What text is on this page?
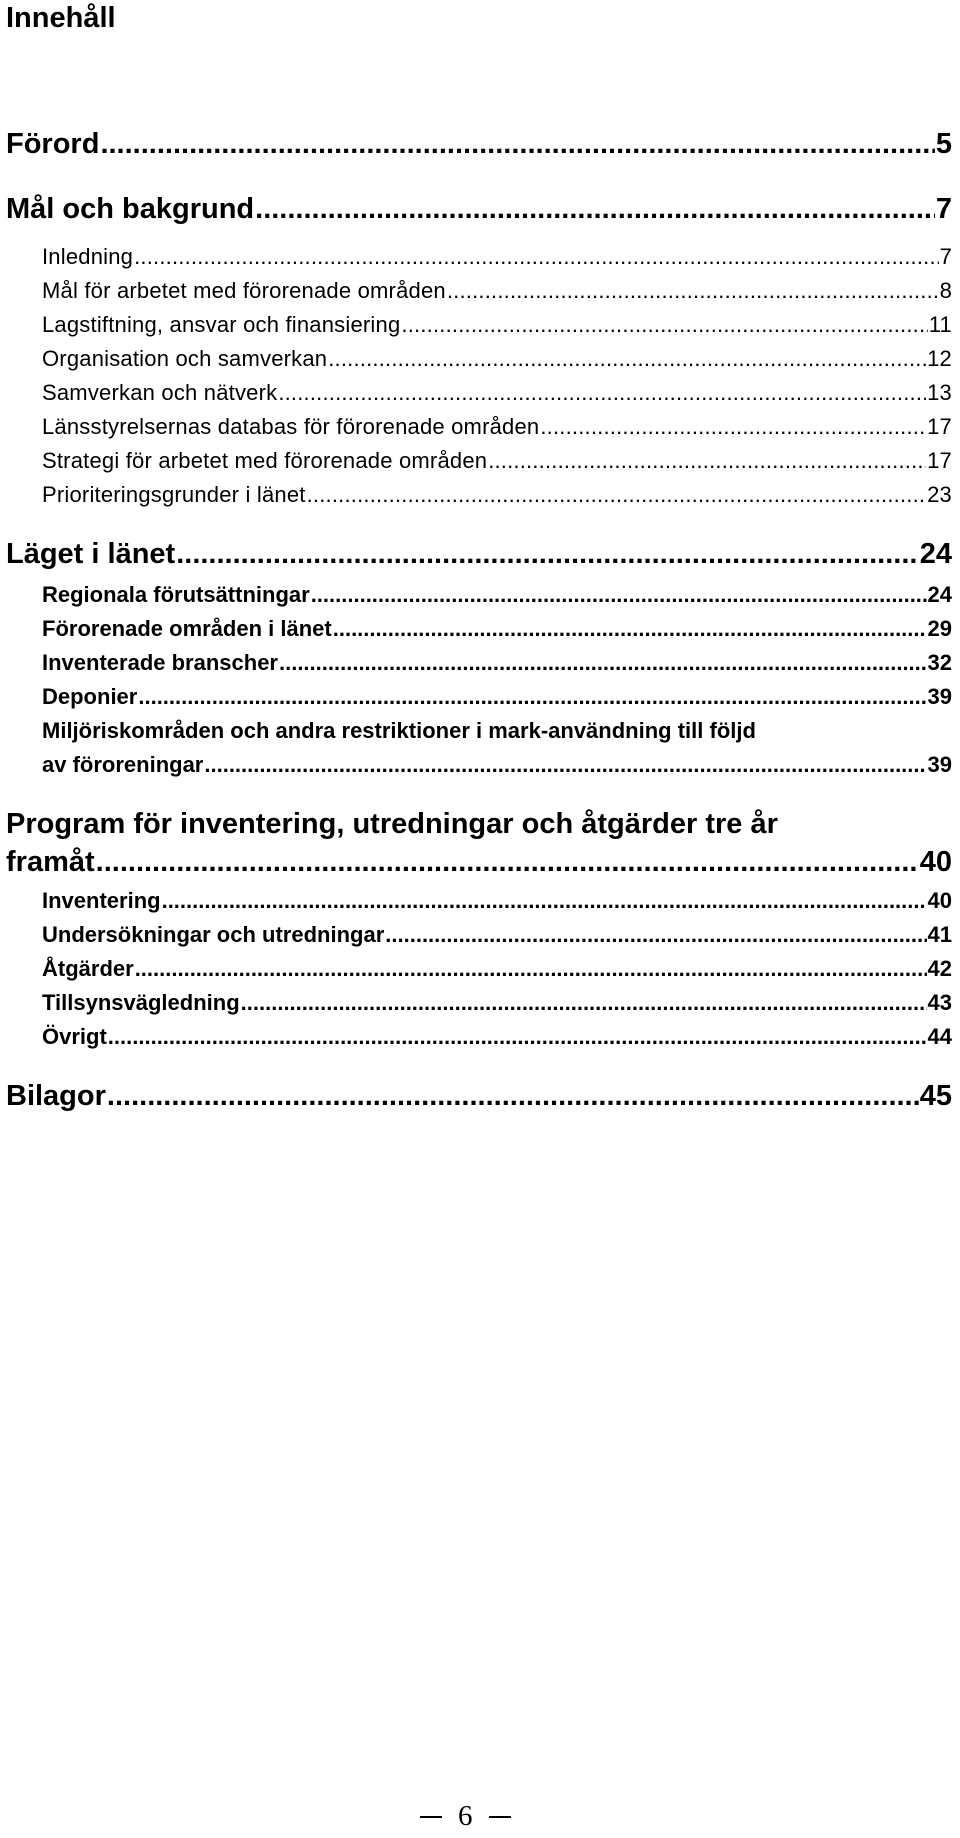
Innehåll
Förord .....	5
Mål och bakgrund .....	7
Inledning .....	7
Mål för arbetet med förorenade områden .....	8
Lagstiftning, ansvar och finansiering .....	11
Organisation och samverkan .....	12
Samverkan och nätverk .....	13
Länsstyrelsernas databas för förorenade områden .....	17
Strategi för arbetet med förorenade områden .....	17
Prioriteringsgrunder i länet .....	23
Läget i länet .....	24
Regionala förutsättningar .....	24
Förorenade områden i länet .....	29
Inventerade branscher .....	32
Deponier .....	39
Miljöriskområden och andra restriktioner i mark-användning till följd
av föroreningar .....	39
Program för inventering, utredningar och åtgärder tre år
framåt .....	40
Inventering .....	40
Undersökningar och utredningar .....	41
Åtgärder .....	42
Tillsynsvägledning .....	43
Övrigt .....	44
Bilagor .....	45
6
